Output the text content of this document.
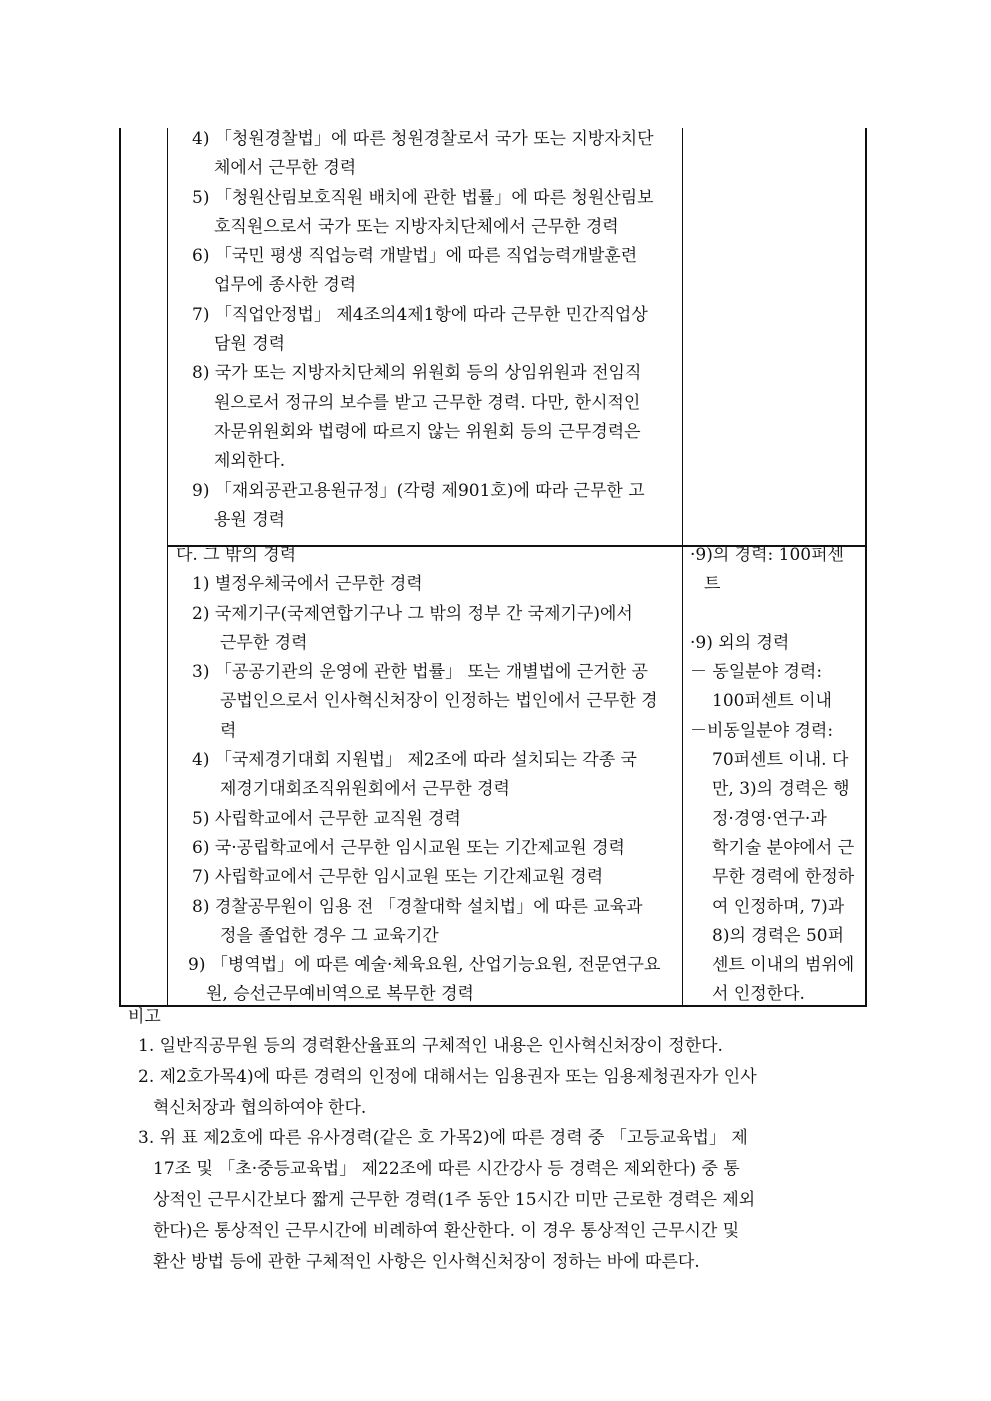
4) 「청원경찰법」에 따른 청원경찰로서 국가 또는 지방자치단
체에서 근무한 경력
5) 「청원산림보호직원 배치에 관한 법률」에 따른 청원산림보
호직원으로서 국가 또는 지방자치단체에서 근무한 경력
6) 「국민 평생 직업능력 개발법」에 따른 직업능력개발훈련
업무에 종사한 경력
7) 「직업안정법」 제4조의4제1항에 따라 근무한 민간직업상
담원 경력
8) 국가 또는 지방자치단체의 위원회 등의 상임위원과 전임직
원으로서 정규의 보수를 받고 근무한 경력. 다만, 한시적인
자문위원회와 법령에 따르지 않는 위원회 등의 근무경력은
제외한다.
9) 「재외공관고용원규정」(각령 제901호)에 따라 근무한 고
용원 경력
다. 그 밖의 경력
1) 별정우체국에서 근무한 경력
2) 국제기구(국제연합기구나 그 밖의 정부 간 국제기구)에서
근무한 경력
3) 「공공기관의 운영에 관한 법률」 또는 개별법에 근거한 공
공법인으로서 인사혁신처장이 인정하는 법인에서 근무한 경
력
4) 「국제경기대회 지원법」 제2조에 따라 설치되는 각종 국
제경기대회조직위원회에서 근무한 경력
5) 사립학교에서 근무한 교직원 경력
6) 국·공립학교에서 근무한 임시교원 또는 기간제교원 경력
7) 사립학교에서 근무한 임시교원 또는 기간제교원 경력
8) 경찰공무원이 임용 전 「경찰대학 설치법」에 따른 교육과
정을 졸업한 경우 그 교육기간
9) 「병역법」에 따른 예술·체육요원, 산업기능요원, 전문연구요
원, 승선근무예비역으로 복무한 경력
·9)의 경력: 100퍼센
트

·9) 외의 경력
－ 동일분야 경력:
100퍼센트 이내
－비동일분야 경력:
70퍼센트 이내. 다
만, 3)의 경력은 행
정·경영·연구·과
학기술 분야에서 근
무한 경력에 한정하
여 인정하며, 7)과
8)의 경력은 50퍼
센트 이내의 범위에
서 인정한다.
비고
1. 일반직공무원 등의 경력환산율표의 구체적인 내용은 인사혁신처장이 정한다.
2. 제2호가목4)에 따른 경력의 인정에 대해서는 임용권자 또는 임용제청권자가 인사
혁신처장과 협의하여야 한다.
3. 위 표 제2호에 따른 유사경력(같은 호 가목2)에 따른 경력 중 「고등교육법」 제
17조 및 「초·중등교육법」 제22조에 따른 시간강사 등 경력은 제외한다) 중 통
상적인 근무시간보다 짧게 근무한 경력(1주 동안 15시간 미만 근로한 경력은 제외
한다)은 통상적인 근무시간에 비례하여 환산한다. 이 경우 통상적인 근무시간 및
환산 방법 등에 관한 구체적인 사항은 인사혁신처장이 정하는 바에 따른다.
